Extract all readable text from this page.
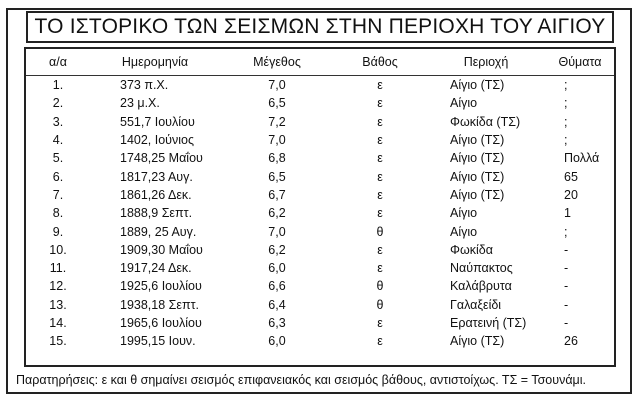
ΤΟ ΙΣΤΟΡΙΚΟ ΤΩΝ ΣΕΙΣΜΩΝ ΣΤΗΝ ΠΕΡΙΟΧΗ ΤΟΥ ΑΙΓΙΟΥ
α/α	Ημερομηνία	Μέγεθος	Βάθος	Περιοχή	Θύματα
1.	373 π.Χ.	7,0	ε	Αίγιο (ΤΣ)	;
2.	23 μ.Χ.	6,5	ε	Αίγιο	;
3.	551,7 Ιουλίου	7,2	ε	Φωκίδα (ΤΣ)	;
4.	1402, Ιούνιος	7,0	ε	Αίγιο (ΤΣ)	;
5.	1748,25 Μαΐου	6,8	ε	Αίγιο (ΤΣ)	Πολλά
6.	1817,23 Αυγ.	6,5	ε	Αίγιο (ΤΣ)	65
7.	1861,26 Δεκ.	6,7	ε	Αίγιο (ΤΣ)	20
8.	1888,9 Σεπτ.	6,2	ε	Αίγιο	1
9.	1889, 25 Αυγ.	7,0	θ	Αίγιο	;
10.	1909,30 Μαΐου	6,2	ε	Φωκίδα	-
11.	1917,24 Δεκ.	6,0	ε	Ναύπακτος	-
12.	1925,6 Ιουλίου	6,6	θ	Καλάβρυτα	-
13.	1938,18 Σεπτ.	6,4	θ	Γαλαξείδι	-
14.	1965,6 Ιουλίου	6,3	ε	Ερατεινή (ΤΣ)	-
15.	1995,15 Ιουν.	6,0	ε	Αίγιο (ΤΣ)	26
Παρατηρήσεις: ε και θ σημαίνει σεισμός επιφανειακός και σεισμός βάθους, αντιστοίχως. ΤΣ = Τσουνάμι.
